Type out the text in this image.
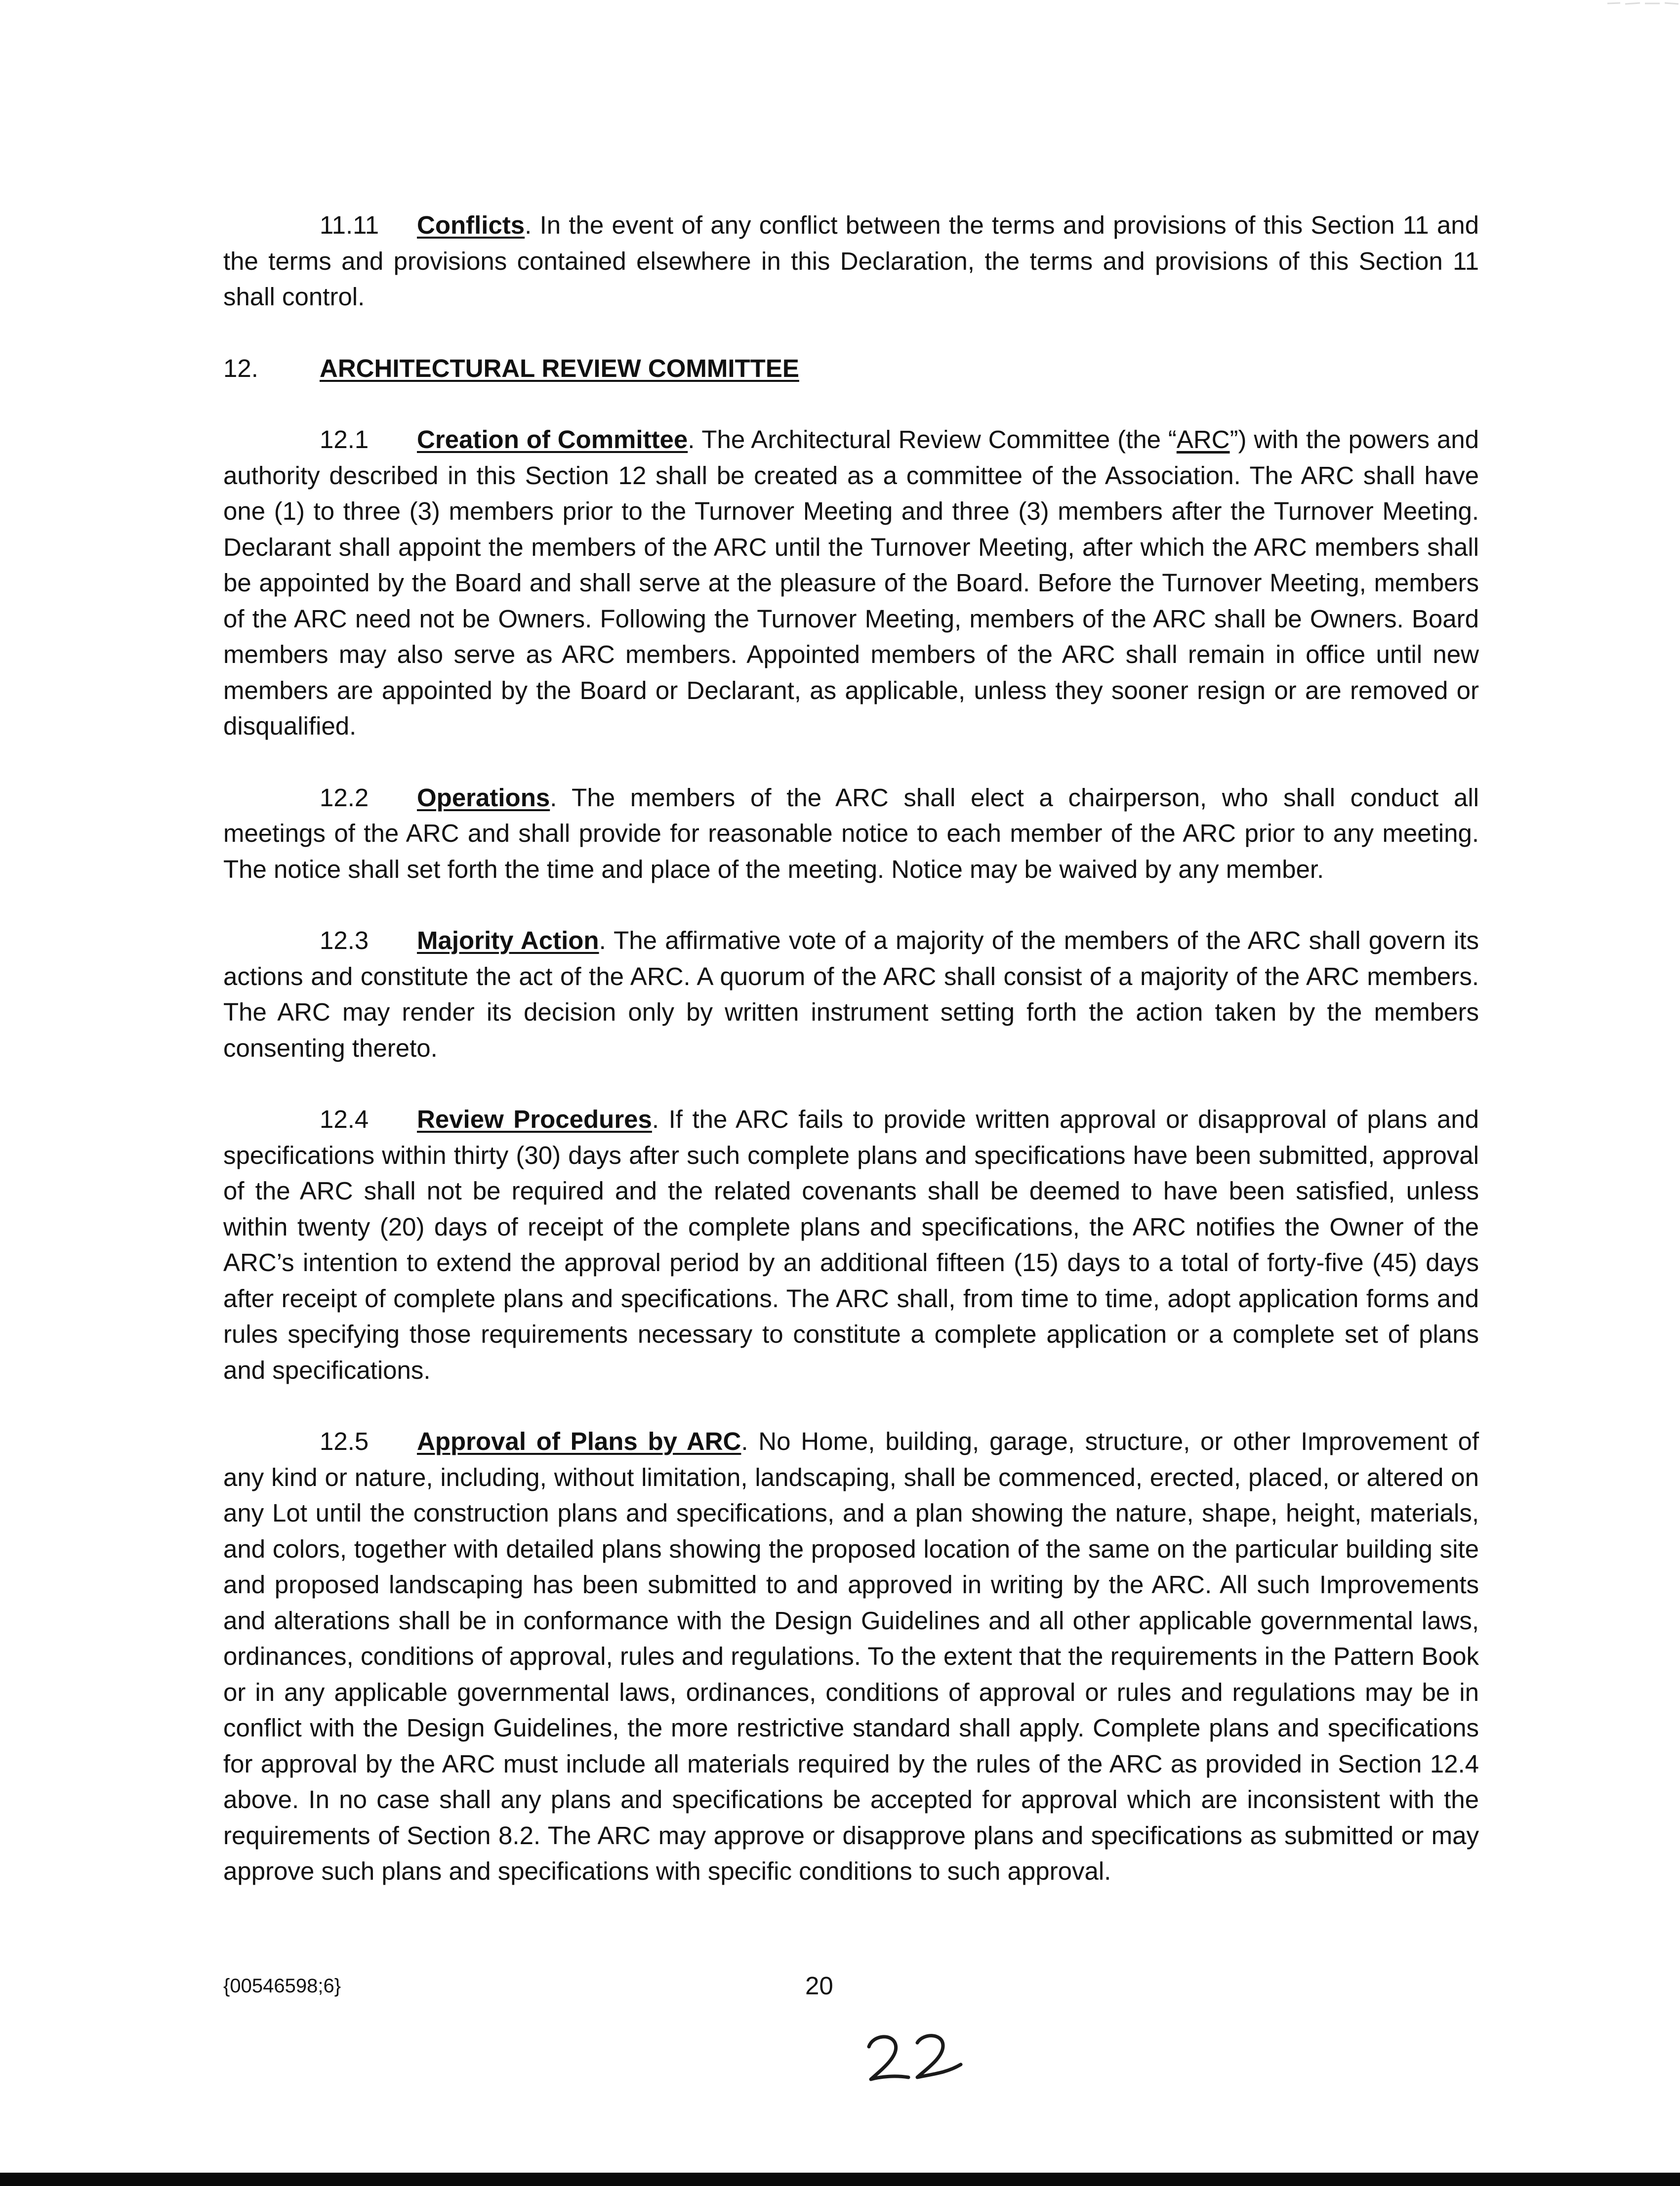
11.11 Conflicts. In the event of any conflict between the terms and provisions of this Section 11 and the terms and provisions contained elsewhere in this Declaration, the terms and provisions of this Section 11 shall control.

12. ARCHITECTURAL REVIEW COMMITTEE

12.1 Creation of Committee. The Architectural Review Committee (the “ARC”) with the powers and authority described in this Section 12 shall be created as a committee of the Association. The ARC shall have one (1) to three (3) members prior to the Turnover Meeting and three (3) members after the Turnover Meeting. Declarant shall appoint the members of the ARC until the Turnover Meeting, after which the ARC members shall be appointed by the Board and shall serve at the pleasure of the Board. Before the Turnover Meeting, members of the ARC need not be Owners. Following the Turnover Meeting, members of the ARC shall be Owners. Board members may also serve as ARC members. Appointed members of the ARC shall remain in office until new members are appointed by the Board or Declarant, as applicable, unless they sooner resign or are removed or disqualified.

12.2 Operations. The members of the ARC shall elect a chairperson, who shall conduct all meetings of the ARC and shall provide for reasonable notice to each member of the ARC prior to any meeting. The notice shall set forth the time and place of the meeting. Notice may be waived by any member.

12.3 Majority Action. The affirmative vote of a majority of the members of the ARC shall govern its actions and constitute the act of the ARC. A quorum of the ARC shall consist of a majority of the ARC members. The ARC may render its decision only by written instrument setting forth the action taken by the members consenting thereto.

12.4 Review Procedures. If the ARC fails to provide written approval or disapproval of plans and specifications within thirty (30) days after such complete plans and specifications have been submitted, approval of the ARC shall not be required and the related covenants shall be deemed to have been satisfied, unless within twenty (20) days of receipt of the complete plans and specifications, the ARC notifies the Owner of the ARC’s intention to extend the approval period by an additional fifteen (15) days to a total of forty-five (45) days after receipt of complete plans and specifications. The ARC shall, from time to time, adopt application forms and rules specifying those requirements necessary to constitute a complete application or a complete set of plans and specifications.

12.5 Approval of Plans by ARC. No Home, building, garage, structure, or other Improvement of any kind or nature, including, without limitation, landscaping, shall be commenced, erected, placed, or altered on any Lot until the construction plans and specifications, and a plan showing the nature, shape, height, materials, and colors, together with detailed plans showing the proposed location of the same on the particular building site and proposed landscaping has been submitted to and approved in writing by the ARC. All such Improvements and alterations shall be in conformance with the Design Guidelines and all other applicable governmental laws, ordinances, conditions of approval, rules and regulations. To the extent that the requirements in the Pattern Book or in any applicable governmental laws, ordinances, conditions of approval or rules and regulations may be in conflict with the Design Guidelines, the more restrictive standard shall apply. Complete plans and specifications for approval by the ARC must include all materials required by the rules of the ARC as provided in Section 12.4 above. In no case shall any plans and specifications be accepted for approval which are inconsistent with the requirements of Section 8.2. The ARC may approve or disapprove plans and specifications as submitted or may approve such plans and specifications with specific conditions to such approval.

{00546598;6}	20
